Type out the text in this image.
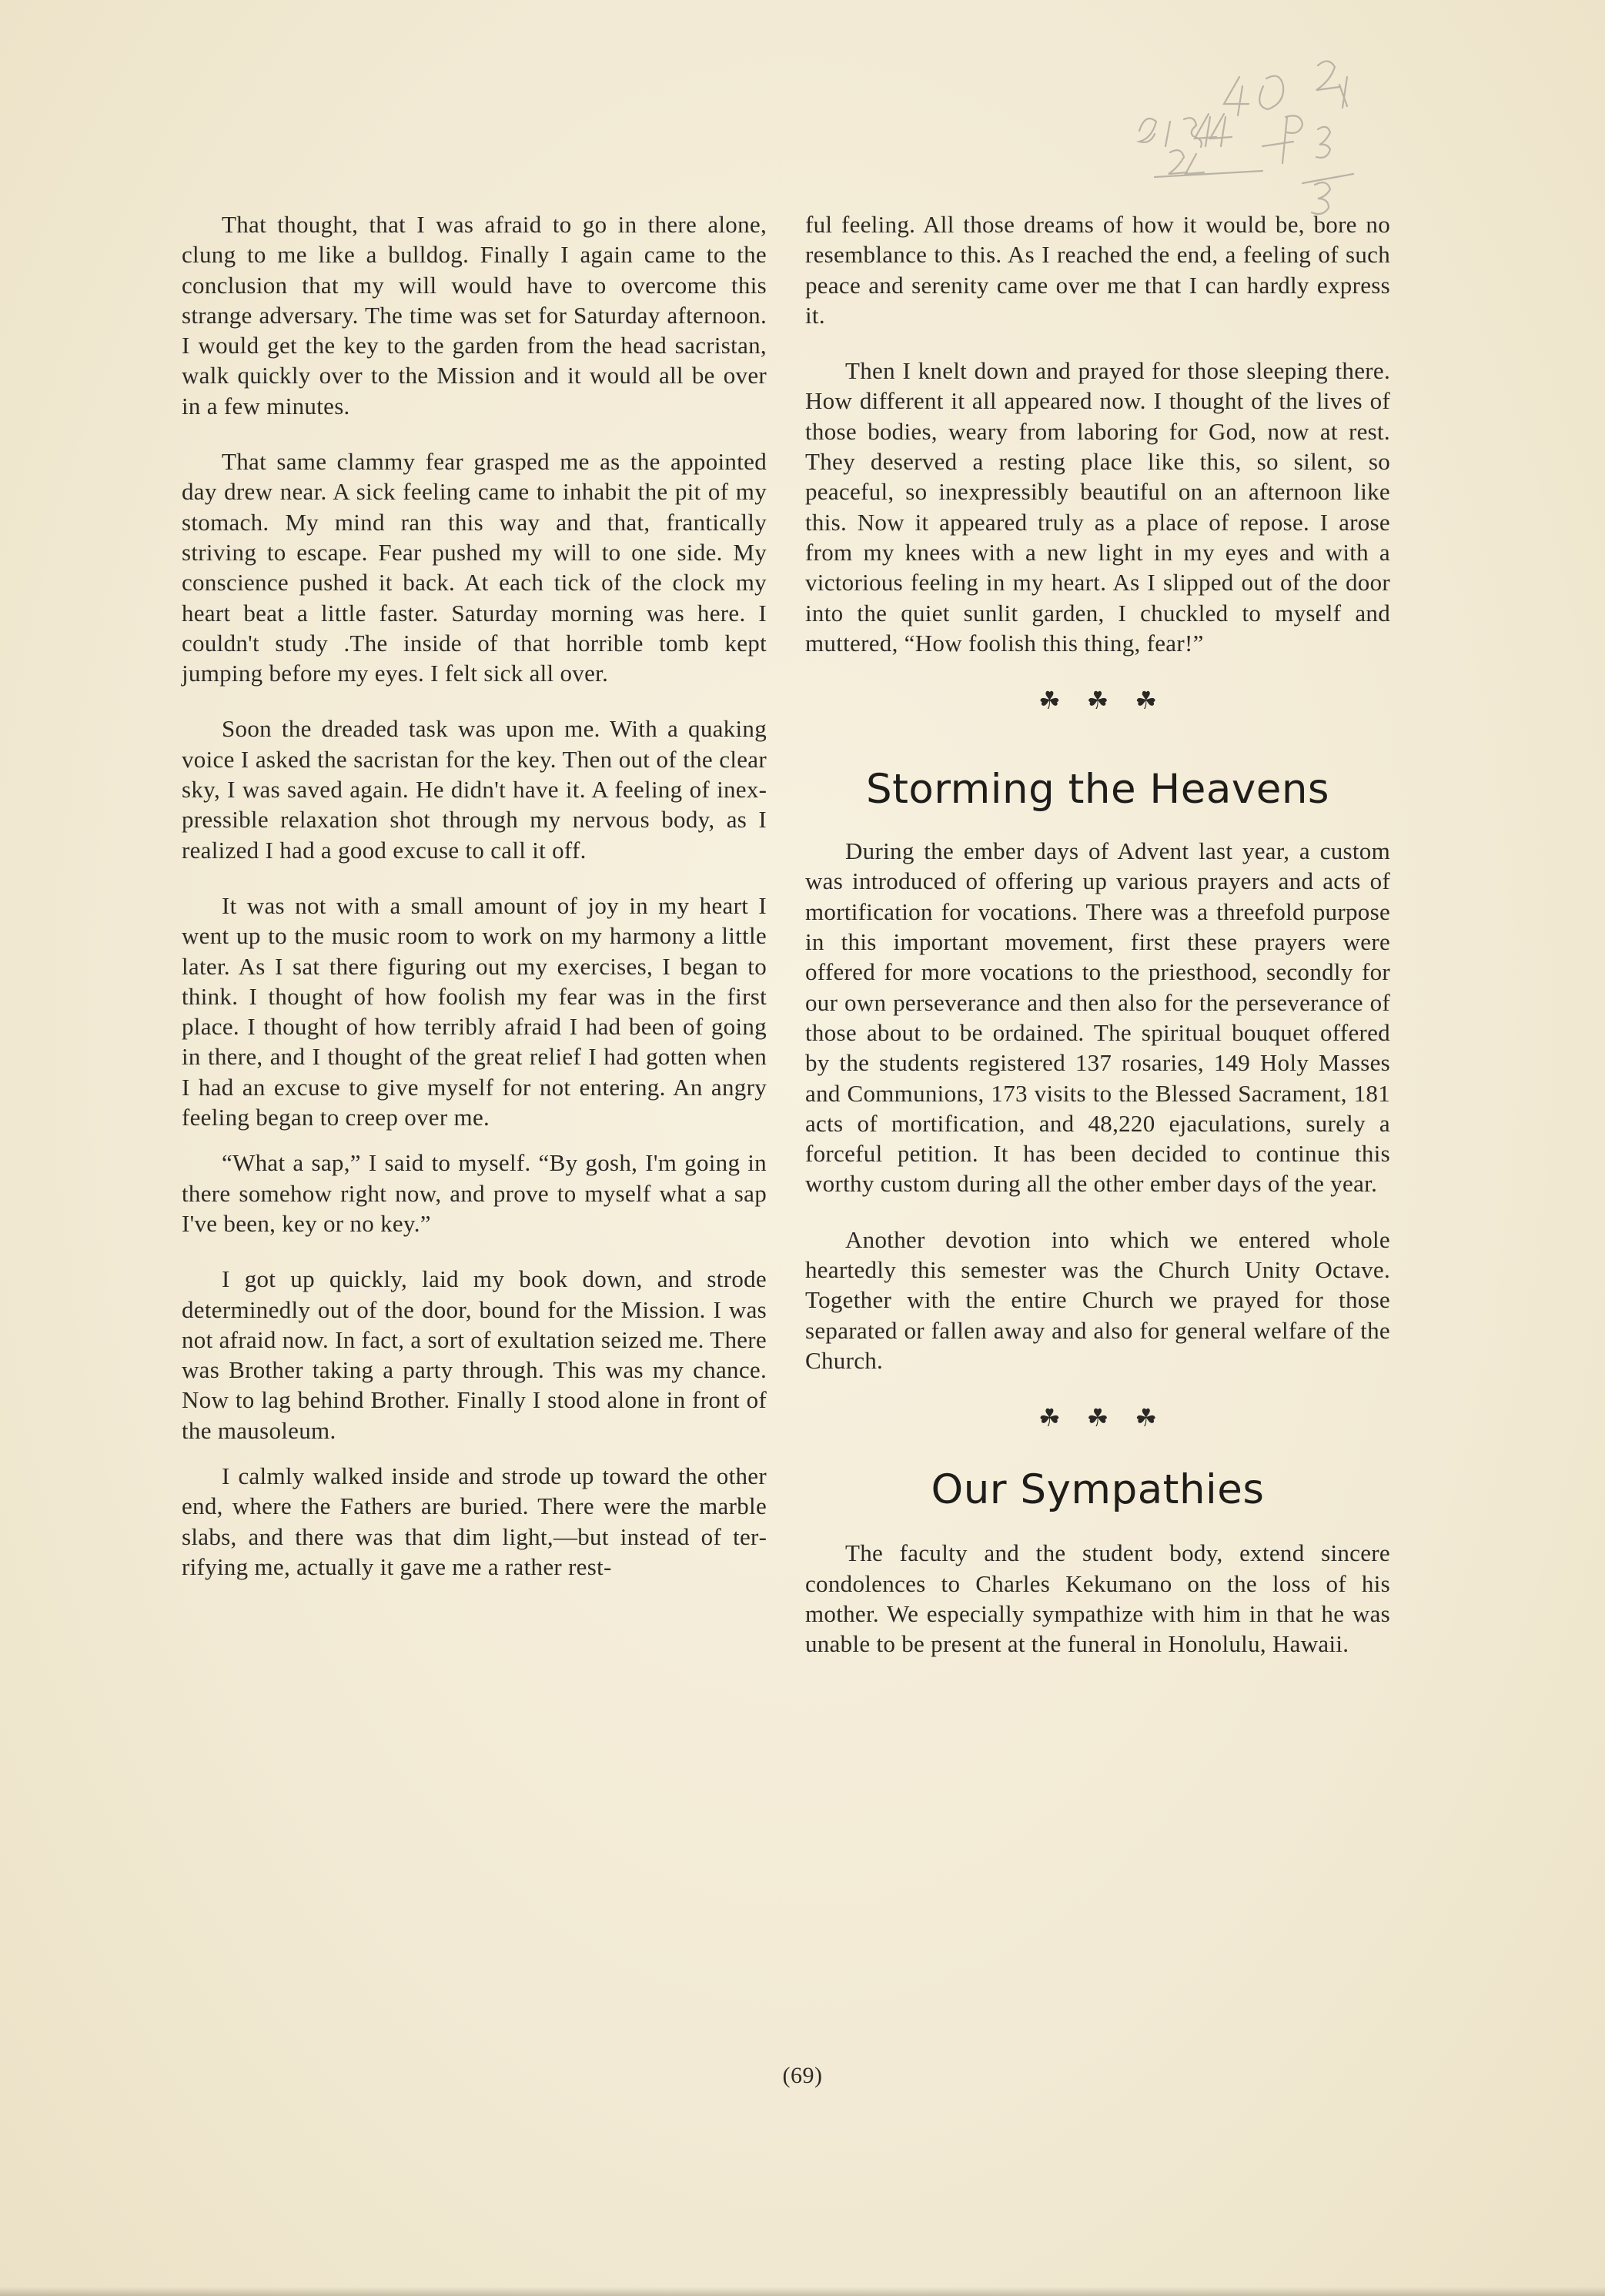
That thought, that I was afraid to go in there alone, clung to me like a bulldog. Finally I again came to the conclusion that my will would have to overcome this strange adversary. The time was set for Saturday afternoon. I would get the key to the garden from the head sacristan, walk quickly over to the Mission and it would all be over in a few minutes.

That same clammy fear grasped me as the appointed day drew near. A sick feeling came to inhabit the pit of my stomach. My mind ran this way and that, frantically striving to escape. Fear pushed my will to one side. My conscience pushed it back. At each tick of the clock my heart beat a little faster. Saturday morning was here. I couldn't study .The inside of that horrible tomb kept jumping before my eyes. I felt sick all over.

Soon the dreaded task was upon me. With a quaking voice I asked the sacristan for the key. Then out of the clear sky, I was saved again. He didn't have it. A feeling of inexpressible relaxation shot through my nervous body, as I realized I had a good excuse to call it off.

It was not with a small amount of joy in my heart I went up to the music room to work on my harmony a little later. As I sat there figuring out my exercises, I began to think. I thought of how foolish my fear was in the first place. I thought of how terribly afraid I had been of going in there, and I thought of the great relief I had gotten when I had an excuse to give myself for not entering. An angry feeling began to creep over me.

“What a sap,” I said to myself. “By gosh, I'm going in there somehow right now, and prove to myself what a sap I've been, key or no key.”

I got up quickly, laid my book down, and strode determinedly out of the door, bound for the Mission. I was not afraid now. In fact, a sort of exultation seized me. There was Brother taking a party through. This was my chance. Now to lag behind Brother. Finally I stood alone in front of the mausoleum.

I calmly walked inside and strode up toward the other end, where the Fathers are buried. There were the marble slabs, and there was that dim light,—but instead of terrifying me, actually it gave me a rather rest-

ful feeling. All those dreams of how it would be, bore no resemblance to this. As I reached the end, a feeling of such peace and serenity came over me that I can hardly express it.

Then I knelt down and prayed for those sleeping there. How different it all appeared now. I thought of the lives of those bodies, weary from laboring for God, now at rest. They deserved a resting place like this, so silent, so peaceful, so inexpressibly beautiful on an afternoon like this. Now it appeared truly as a place of repose. I arose from my knees with a new light in my eyes and with a victorious feeling in my heart. As I slipped out of the door into the quiet sunlit garden, I chuckled to myself and muttered, “How foolish this thing, fear!”

☘☘☘
Storming the Heavens

During the ember days of Advent last year, a custom was introduced of offering up various prayers and acts of mortification for vocations. There was a threefold purpose in this important movement, first these prayers were offered for more vocations to the priesthood, secondly for our own perseverance and then also for the perseverance of those about to be ordained. The spiritual bouquet offered by the students registered 137 rosaries, 149 Holy Masses and Communions, 173 visits to the Blessed Sacrament, 181 acts of mortification, and 48,220 ejaculations, surely a forceful petition. It has been decided to continue this worthy custom during all the other ember days of the year.

Another devotion into which we entered whole heartedly this semester was the Church Unity Octave. Together with the entire Church we prayed for those separated or fallen away and also for general welfare of the Church.

☘☘☘
Our Sympathies

The faculty and the student body, extend sincere condolences to Charles Kekumano on the loss of his mother. We especially sympathize with him in that he was unable to be present at the funeral in Honolulu, Hawaii.

(69)
